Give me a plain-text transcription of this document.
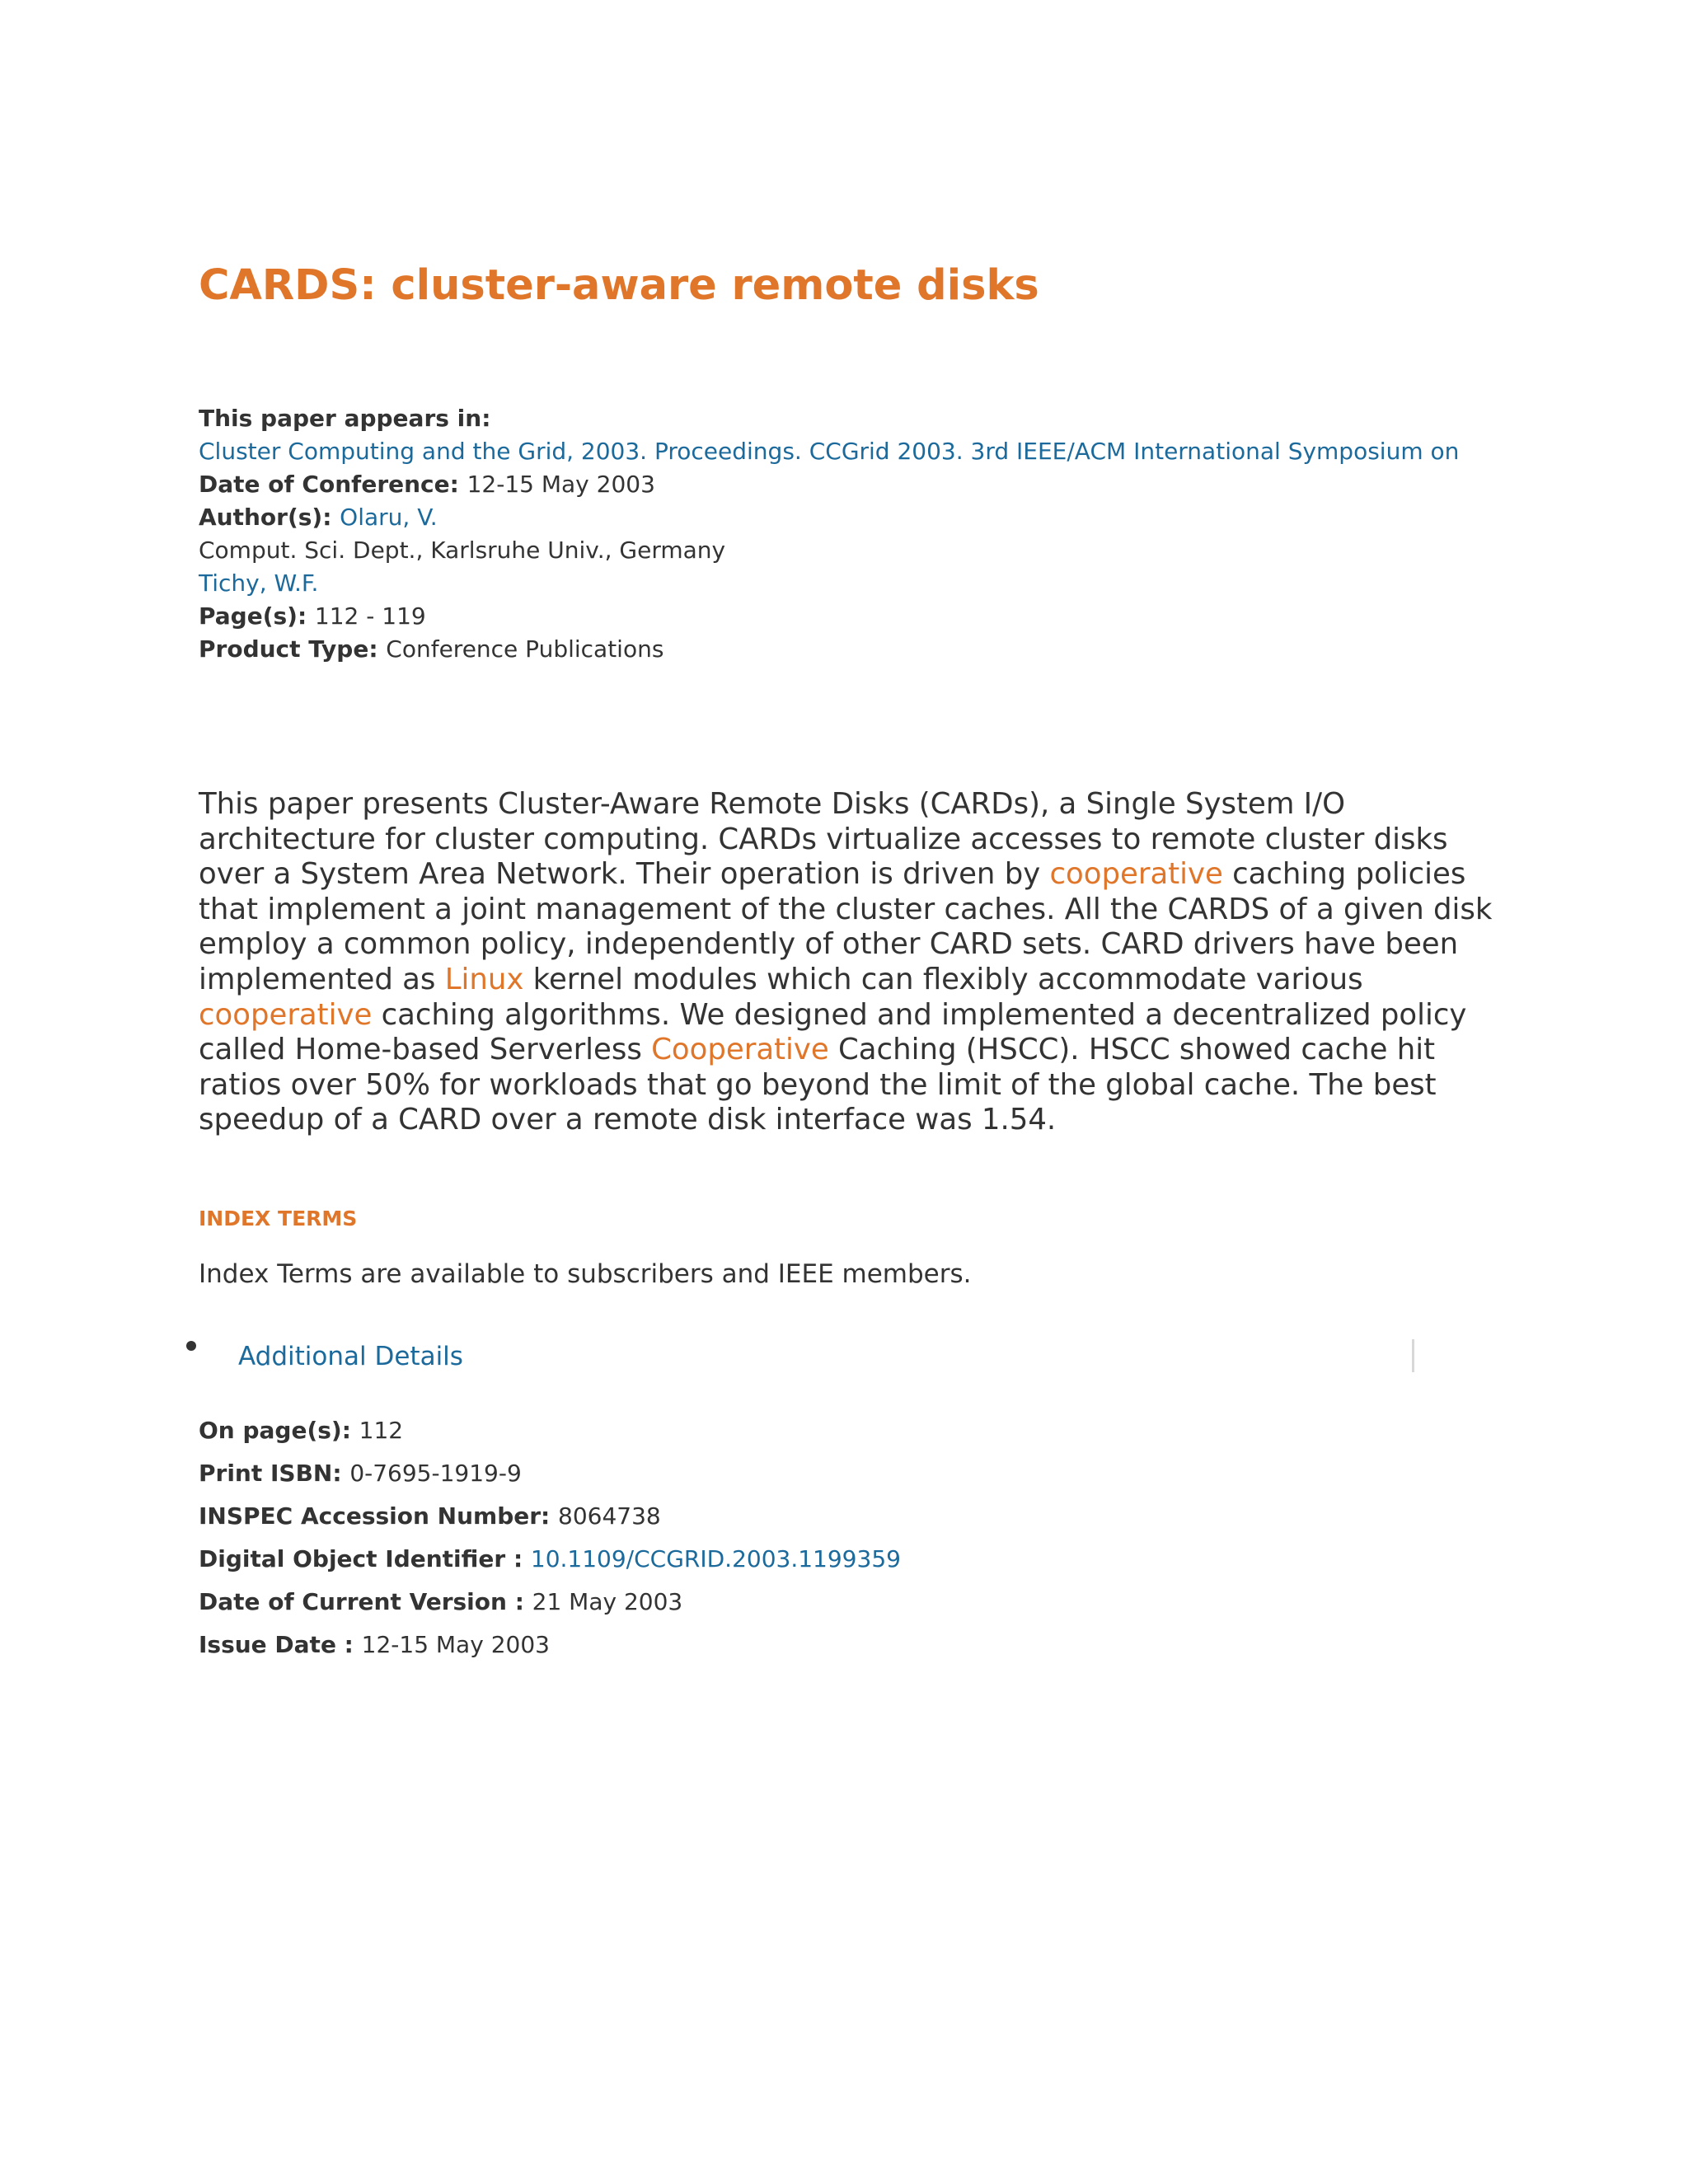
CARDS: cluster-aware remote disks
This paper appears in:
Cluster Computing and the Grid, 2003. Proceedings. CCGrid 2003. 3rd IEEE/ACM International Symposium on
Date of Conference: 12-15 May 2003
Author(s): Olaru, V.
Comput. Sci. Dept., Karlsruhe Univ., Germany
Tichy, W.F.
Page(s): 112 - 119
Product Type: Conference Publications
This paper presents Cluster-Aware Remote Disks (CARDs), a Single System I/O
architecture for cluster computing. CARDs virtualize accesses to remote cluster disks
over a System Area Network. Their operation is driven by cooperative caching policies
that implement a joint management of the cluster caches. All the CARDS of a given disk
employ a common policy, independently of other CARD sets. CARD drivers have been
implemented as Linux kernel modules which can flexibly accommodate various
cooperative caching algorithms. We designed and implemented a decentralized policy
called Home-based Serverless Cooperative Caching (HSCC). HSCC showed cache hit
ratios over 50% for workloads that go beyond the limit of the global cache. The best
speedup of a CARD over a remote disk interface was 1.54.
INDEX TERMS
Index Terms are available to subscribers and IEEE members.
Additional Details
On page(s): 112
Print ISBN: 0-7695-1919-9
INSPEC Accession Number: 8064738
Digital Object Identifier : 10.1109/CCGRID.2003.1199359
Date of Current Version : 21 May 2003
Issue Date : 12-15 May 2003
